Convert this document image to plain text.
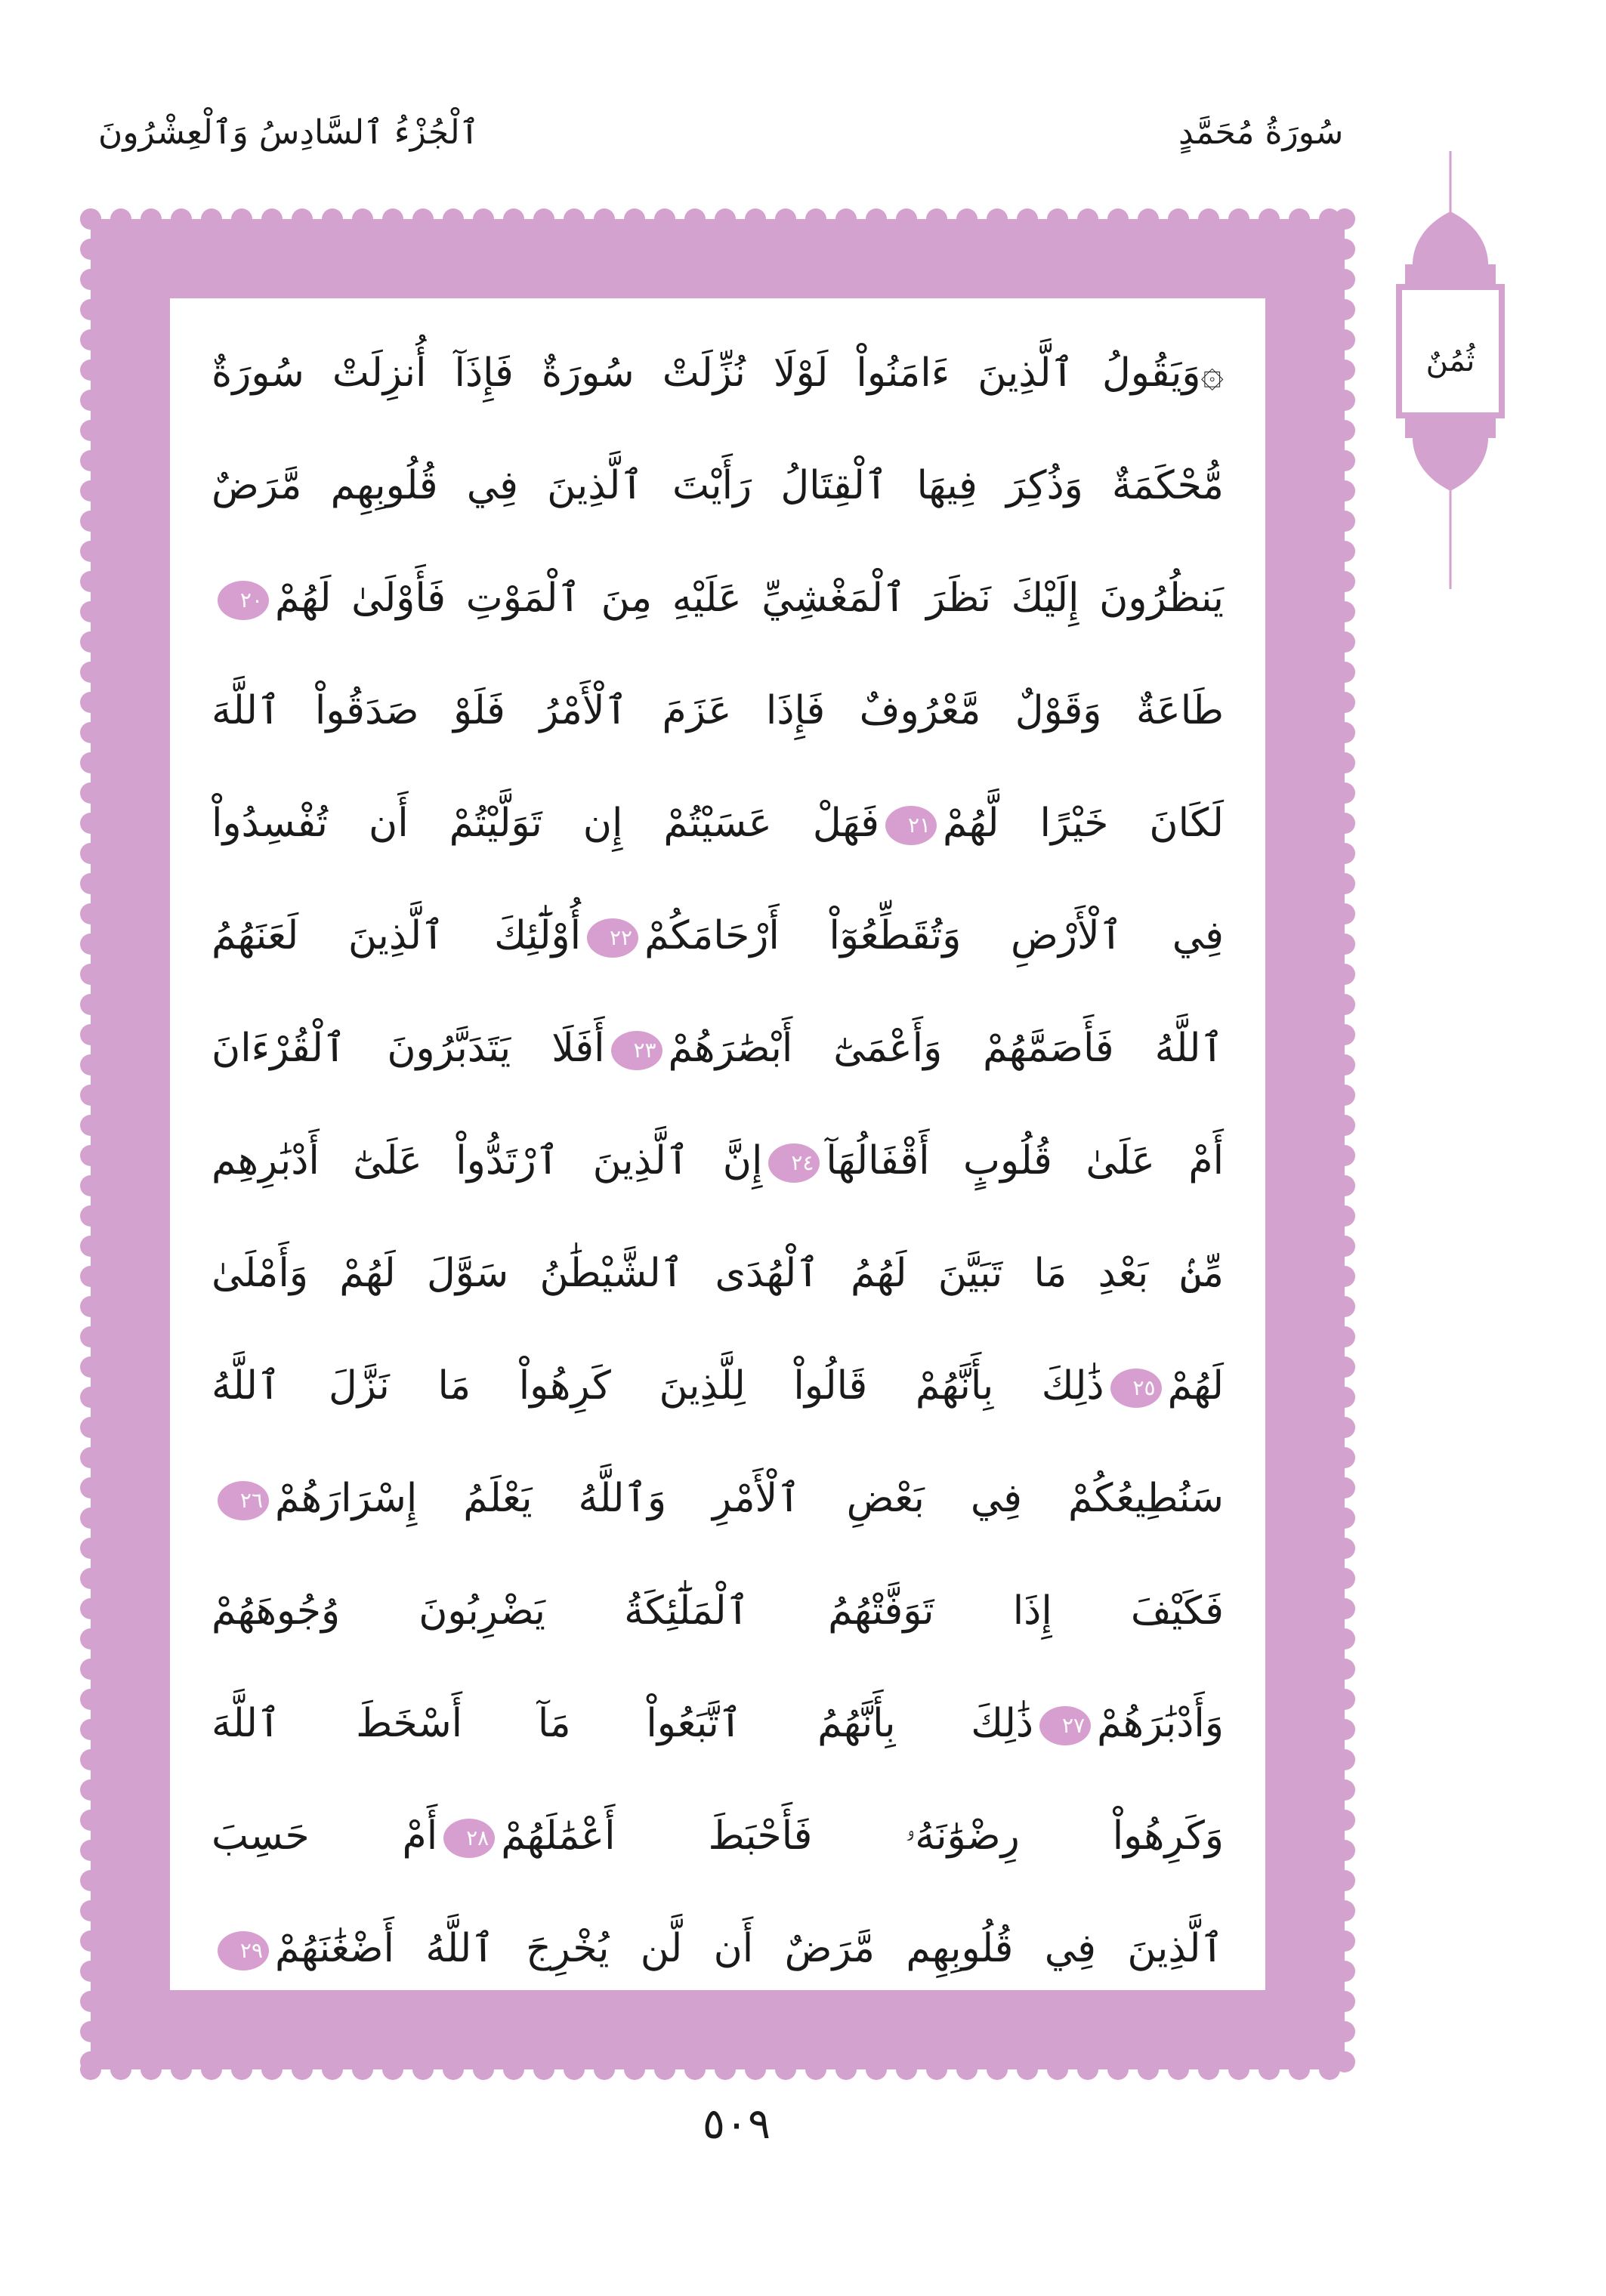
ٱلْجُزْءُ ٱلسَّادِسُ وَٱلْعِشْرُونَ	سُورَةُ مُحَمَّدٍ
ثُمُنٌ
۞وَيَقُولُ ٱلَّذِينَ ءَامَنُواْ لَوْلَا نُزِّلَتْ سُورَةٌ فَإِذَآ أُنزِلَتْ سُورَةٌ
مُّحْكَمَةٌ وَذُكِرَ فِيهَا ٱلْقِتَالُ رَأَيْتَ ٱلَّذِينَ فِي قُلُوبِهِم مَّرَضٌ
يَنظُرُونَ إِلَيْكَ نَظَرَ ٱلْمَغْشِيِّ عَلَيْهِ مِنَ ٱلْمَوْتِ فَأَوْلَىٰ لَهُمْ٢٠
طَاعَةٌ وَقَوْلٌ مَّعْرُوفٌ فَإِذَا عَزَمَ ٱلْأَمْرُ فَلَوْ صَدَقُواْ ٱللَّهَ
لَكَانَ خَيْرًا لَّهُمْ٢١فَهَلْ عَسَيْتُمْ إِن تَوَلَّيْتُمْ أَن تُفْسِدُواْ
فِي ٱلْأَرْضِ وَتُقَطِّعُوٓاْ أَرْحَامَكُمْ٢٢أُوْلَٰٓئِكَ ٱلَّذِينَ لَعَنَهُمُ
ٱللَّهُ فَأَصَمَّهُمْ وَأَعْمَىٰٓ أَبْصَٰرَهُمْ٢٣أَفَلَا يَتَدَبَّرُونَ ٱلْقُرْءَانَ
أَمْ عَلَىٰ قُلُوبٍ أَقْفَالُهَآ٢٤إِنَّ ٱلَّذِينَ ٱرْتَدُّواْ عَلَىٰٓ أَدْبَٰرِهِم
مِّنۢ بَعْدِ مَا تَبَيَّنَ لَهُمُ ٱلْهُدَى ٱلشَّيْطَٰنُ سَوَّلَ لَهُمْ وَأَمْلَىٰ
لَهُمْ٢٥ذَٰلِكَ بِأَنَّهُمْ قَالُواْ لِلَّذِينَ كَرِهُواْ مَا نَزَّلَ ٱللَّهُ
سَنُطِيعُكُمْ فِي بَعْضِ ٱلْأَمْرِ وَٱللَّهُ يَعْلَمُ إِسْرَارَهُمْ٢٦
فَكَيْفَ إِذَا تَوَفَّتْهُمُ ٱلْمَلَٰٓئِكَةُ يَضْرِبُونَ وُجُوهَهُمْ
وَأَدْبَٰرَهُمْ٢٧ذَٰلِكَ بِأَنَّهُمُ ٱتَّبَعُواْ مَآ أَسْخَطَ ٱللَّهَ
وَكَرِهُواْ رِضْوَٰنَهُۥ فَأَحْبَطَ أَعْمَٰلَهُمْ٢٨أَمْ حَسِبَ
ٱلَّذِينَ فِي قُلُوبِهِم مَّرَضٌ أَن لَّن يُخْرِجَ ٱللَّهُ أَضْغَٰنَهُمْ٢٩
٥٠٩
